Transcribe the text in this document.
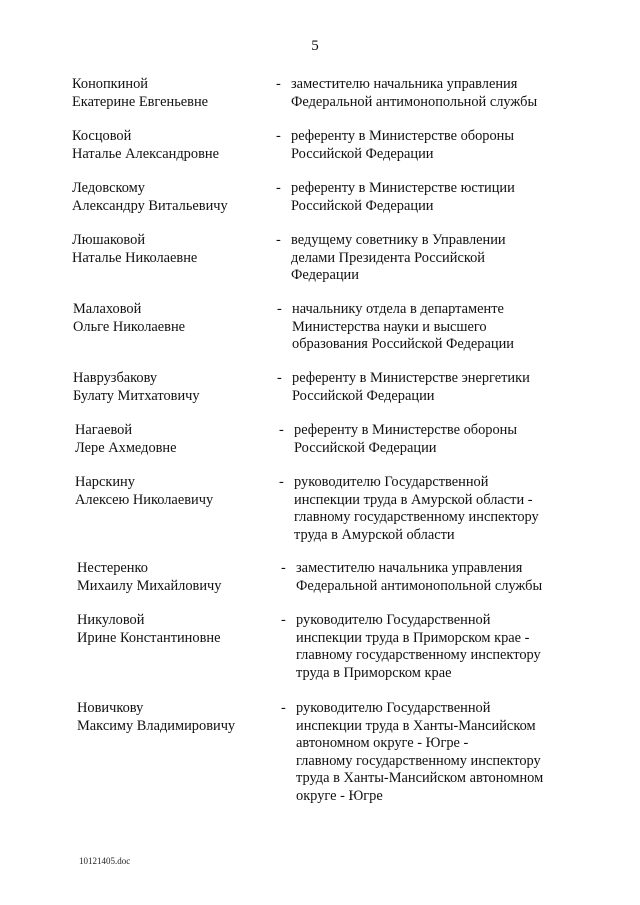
5
Конопкиной
Екатерине Евгеньевне
- заместителю начальника управления
Федеральной антимонопольной службы
Косцовой
Наталье Александровне
- референту в Министерстве обороны
Российской Федерации
Ледовскому
Александру Витальевичу
- референту в Министерстве юстиции
Российской Федерации
Люшаковой
Наталье Николаевне
- ведущему советнику в Управлении
делами Президента Российской
Федерации
Малаховой
Ольге Николаевне
- начальнику отдела в департаменте
Министерства науки и высшего
образования Российской Федерации
Наврузбакову
Булату Митхатовичу
- референту в Министерстве энергетики
Российской Федерации
Нагаевой
Лере Ахмедовне
- референту в Министерстве обороны
Российской Федерации
Нарскину
Алексею Николаевичу
- руководителю Государственной
инспекции труда в Амурской области -
главному государственному инспектору
труда в Амурской области
Нестеренко
Михаилу Михайловичу
- заместителю начальника управления
Федеральной антимонопольной службы
Никуловой
Ирине Константиновне
- руководителю Государственной
инспекции труда в Приморском крае -
главному государственному инспектору
труда в Приморском крае
Новичкову
Максиму Владимировичу
- руководителю Государственной
инспекции труда в Ханты-Мансийском
автономном округе - Югре -
главному государственному инспектору
труда в Ханты-Мансийском автономном
округе - Югре
10121405.doc
